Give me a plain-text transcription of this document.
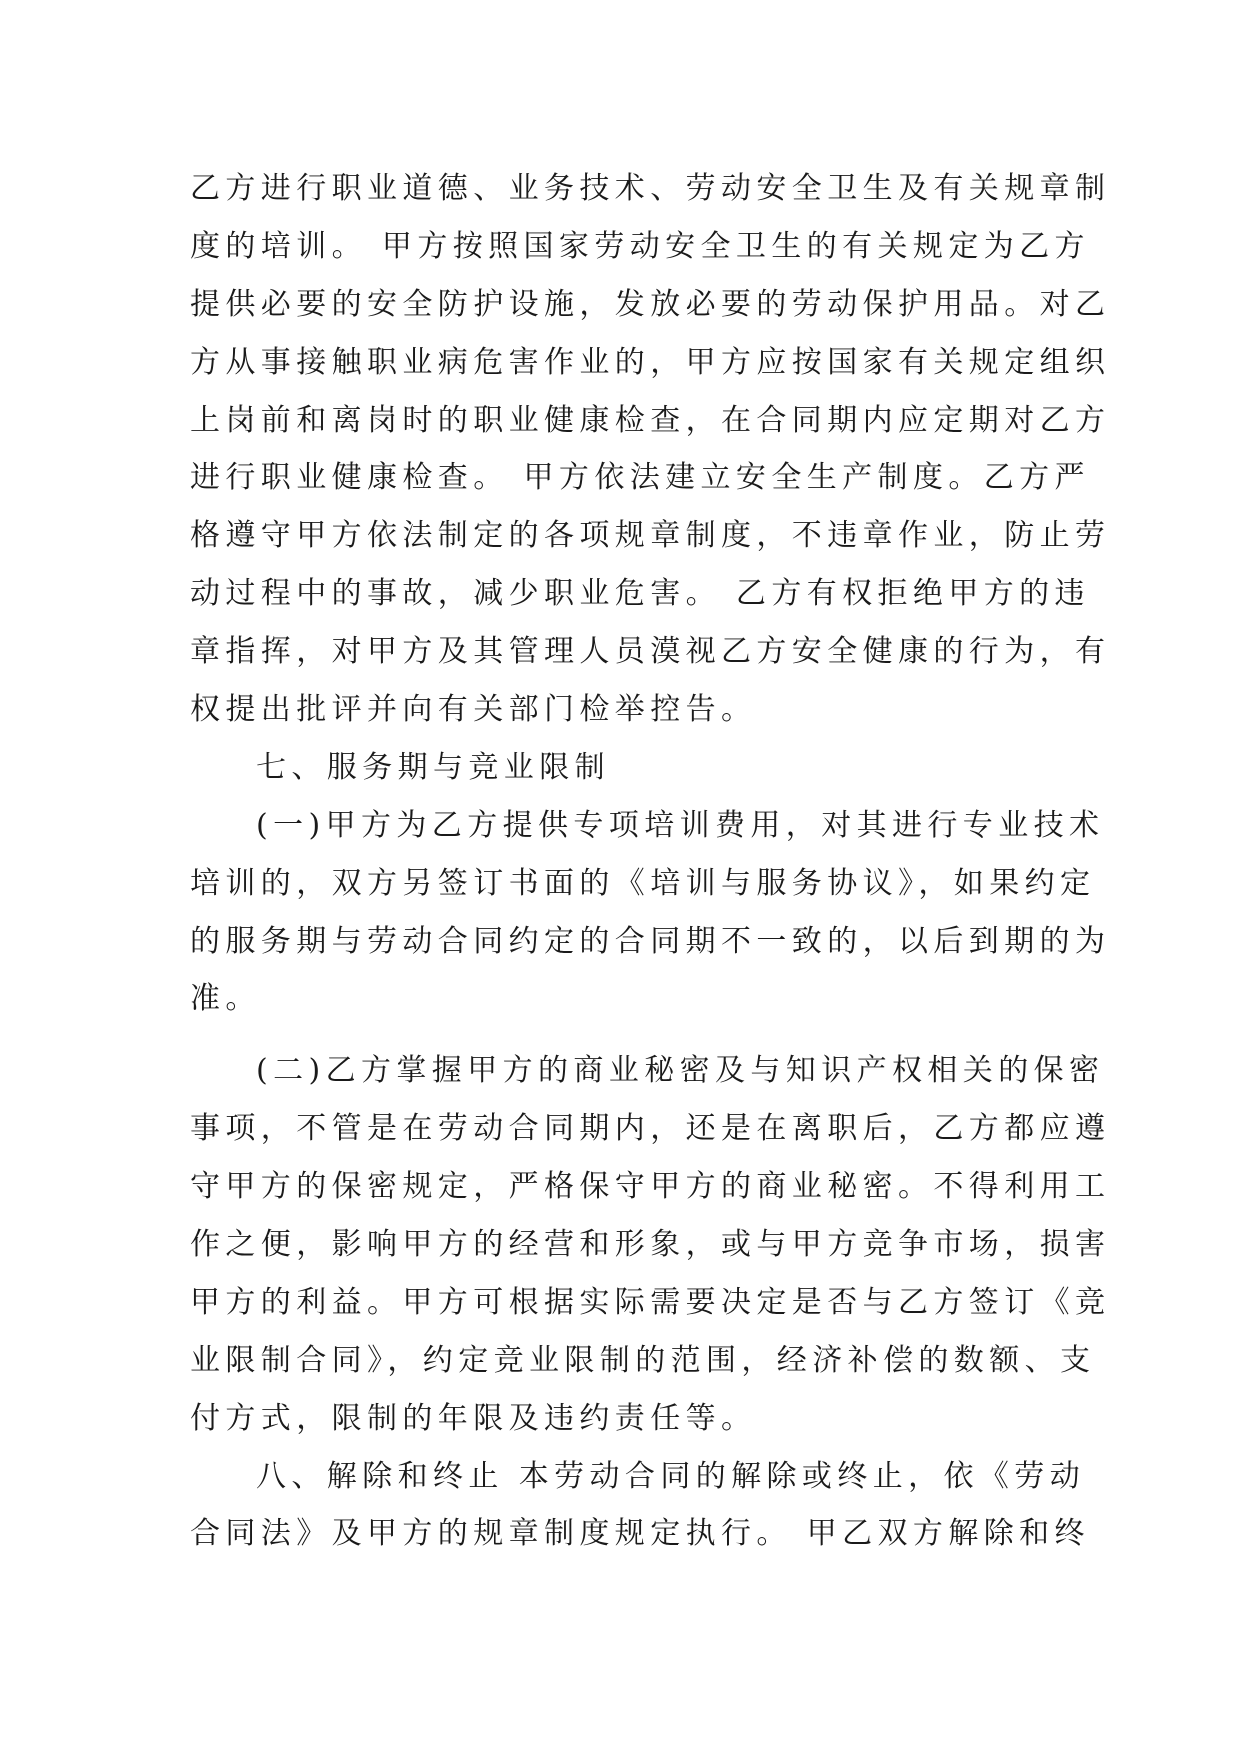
乙方进行职业道德、业务技术、劳动安全卫生及有关规章制
度的培训。 甲方按照国家劳动安全卫生的有关规定为乙方
提供必要的安全防护设施，发放必要的劳动保护用品。对乙
方从事接触职业病危害作业的，甲方应按国家有关规定组织
上岗前和离岗时的职业健康检查，在合同期内应定期对乙方
进行职业健康检查。 甲方依法建立安全生产制度。乙方严
格遵守甲方依法制定的各项规章制度，不违章作业，防止劳
动过程中的事故，减少职业危害。 乙方有权拒绝甲方的违
章指挥，对甲方及其管理人员漠视乙方安全健康的行为，有
权提出批评并向有关部门检举控告。
七、服务期与竞业限制
(一)甲方为乙方提供专项培训费用，对其进行专业技术
培训的，双方另签订书面的《培训与服务协议》，如果约定
的服务期与劳动合同约定的合同期不一致的，以后到期的为
准。
(二)乙方掌握甲方的商业秘密及与知识产权相关的保密
事项，不管是在劳动合同期内，还是在离职后，乙方都应遵
守甲方的保密规定，严格保守甲方的商业秘密。不得利用工
作之便，影响甲方的经营和形象，或与甲方竞争市场，损害
甲方的利益。甲方可根据实际需要决定是否与乙方签订《竞
业限制合同》，约定竞业限制的范围，经济补偿的数额、支
付方式，限制的年限及违约责任等。
八、解除和终止 本劳动合同的解除或终止，依《劳动
合同法》及甲方的规章制度规定执行。 甲乙双方解除和终
